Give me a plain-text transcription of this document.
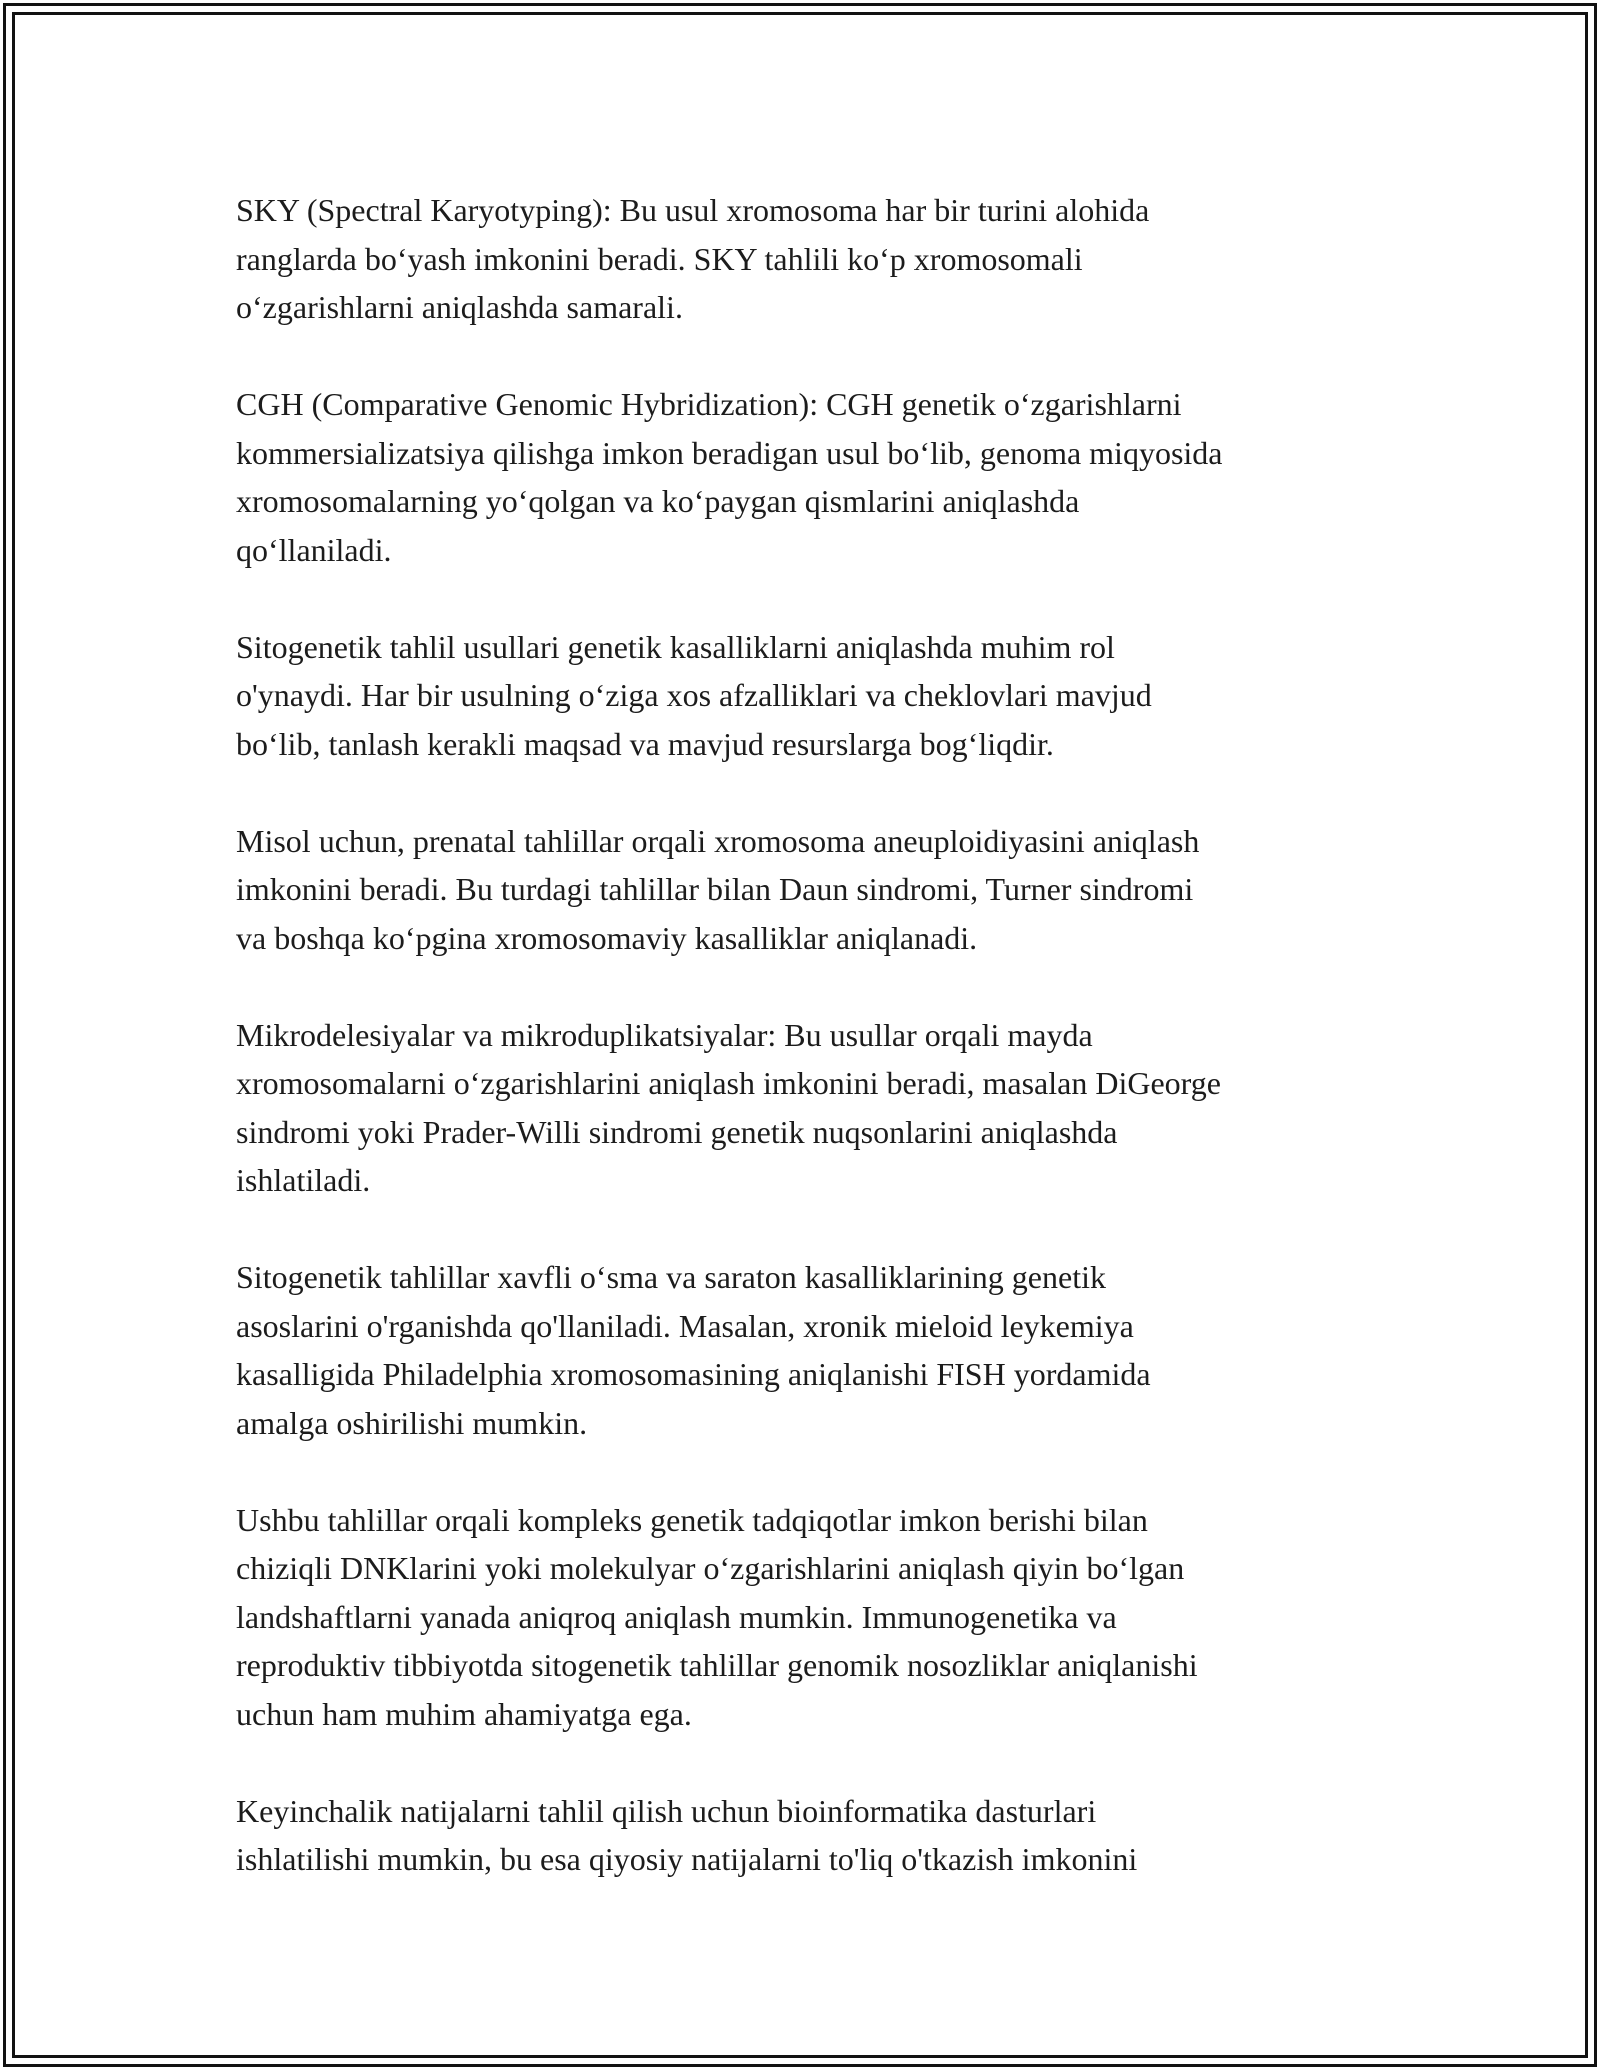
SKY (Spectral Karyotyping): Bu usul xromosoma har bir turini alohida
ranglarda bo‘yash imkonini beradi. SKY tahlili ko‘p xromosomali
o‘zgarishlarni aniqlashda samarali.

CGH (Comparative Genomic Hybridization): CGH genetik o‘zgarishlarni
kommersializatsiya qilishga imkon beradigan usul bo‘lib, genoma miqyosida
xromosomalarning yo‘qolgan va ko‘paygan qismlarini aniqlashda
qo‘llaniladi.

Sitogenetik tahlil usullari genetik kasalliklarni aniqlashda muhim rol
o'ynaydi. Har bir usulning o‘ziga xos afzalliklari va cheklovlari mavjud
bo‘lib, tanlash kerakli maqsad va mavjud resurslarga bog‘liqdir.

Misol uchun, prenatal tahlillar orqali xromosoma aneuploidiyasini aniqlash
imkonini beradi. Bu turdagi tahlillar bilan Daun sindromi, Turner sindromi
va boshqa ko‘pgina xromosomaviy kasalliklar aniqlanadi.

Mikrodelesiyalar va mikroduplikatsiyalar: Bu usullar orqali mayda
xromosomalarni o‘zgarishlarini aniqlash imkonini beradi, masalan DiGeorge
sindromi yoki Prader-Willi sindromi genetik nuqsonlarini aniqlashda
ishlatiladi.

Sitogenetik tahlillar xavfli o‘sma va saraton kasalliklarining genetik
asoslarini o'rganishda qo'llaniladi. Masalan, xronik mieloid leykemiya
kasalligida Philadelphia xromosomasining aniqlanishi FISH yordamida
amalga oshirilishi mumkin.

Ushbu tahlillar orqali kompleks genetik tadqiqotlar imkon berishi bilan
chiziqli DNKlarini yoki molekulyar o‘zgarishlarini aniqlash qiyin bo‘lgan
landshaftlarni yanada aniqroq aniqlash mumkin. Immunogenetika va
reproduktiv tibbiyotda sitogenetik tahlillar genomik nosozliklar aniqlanishi
uchun ham muhim ahamiyatga ega.

Keyinchalik natijalarni tahlil qilish uchun bioinformatika dasturlari
ishlatilishi mumkin, bu esa qiyosiy natijalarni to'liq o'tkazish imkonini
